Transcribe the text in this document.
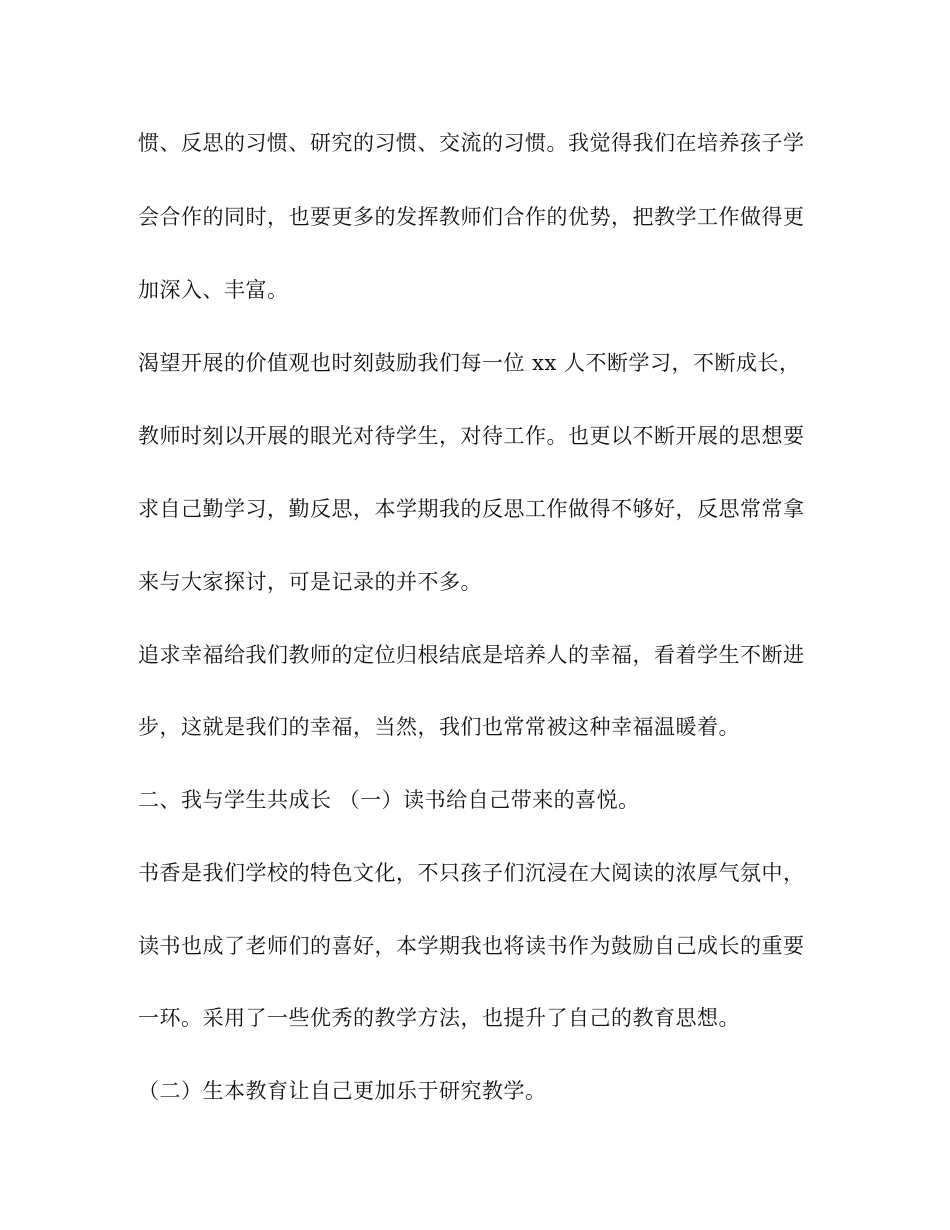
惯、反思的习惯、研究的习惯、交流的习惯。我觉得我们在培养孩子学
会合作的同时，也要更多的发挥教师们合作的优势，把教学工作做得更
加深入、丰富。
渴望开展的价值观也时刻鼓励我们每一位 xx 人不断学习，不断成长，
教师时刻以开展的眼光对待学生，对待工作。也更以不断开展的思想要
求自己勤学习，勤反思，本学期我的反思工作做得不够好，反思常常拿
来与大家探讨，可是记录的并不多。
追求幸福给我们教师的定位归根结底是培养人的幸福，看着学生不断进
步，这就是我们的幸福，当然，我们也常常被这种幸福温暖着。
二、我与学生共成长 （一）读书给自己带来的喜悦。
书香是我们学校的特色文化，不只孩子们沉浸在大阅读的浓厚气氛中，
读书也成了老师们的喜好，本学期我也将读书作为鼓励自己成长的重要
一环。采用了一些优秀的教学方法，也提升了自己的教育思想。
（二）生本教育让自己更加乐于研究教学。
